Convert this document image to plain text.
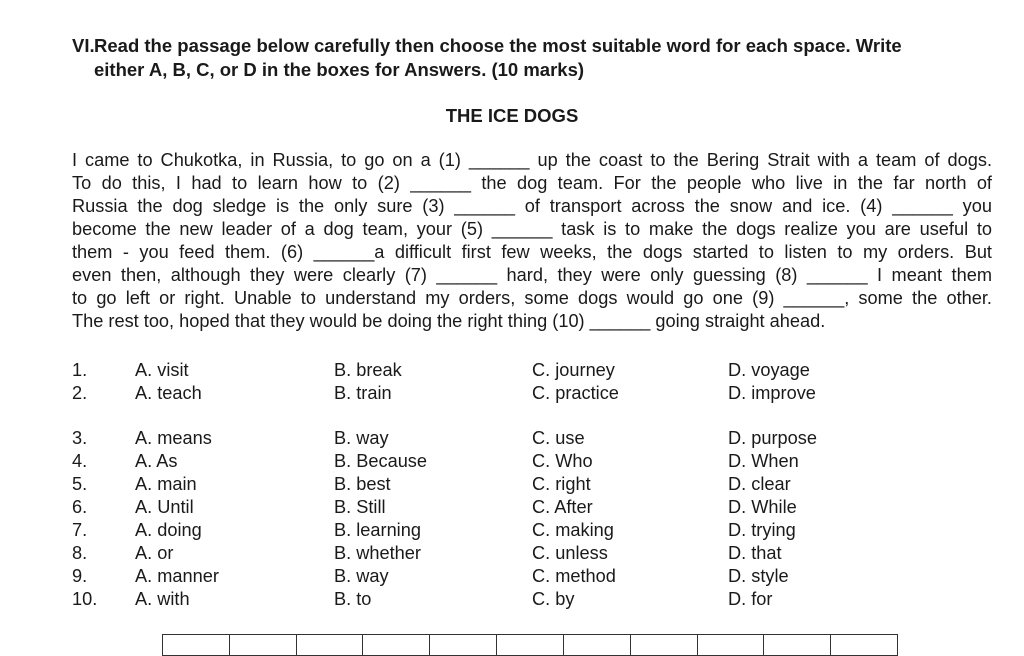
VI.Read the passage below carefully then choose the most suitable word for each space. Write
either A, B, C, or D in the boxes for Answers. (10 marks)
THE ICE DOGS
I came to Chukotka, in Russia, to go on a (1) ______ up the coast to the Bering Strait with a team of dogs.
To do this, I had to learn how to (2) ______ the dog team. For the people who live in the far north of
Russia the dog sledge is the only sure (3) ______ of transport across the snow and ice. (4) ______ you
become the new leader of a dog team, your (5) ______ task is to make the dogs realize you are useful to
them - you feed them. (6) ______a difficult first few weeks, the dogs started to listen to my orders. But
even then, although they were clearly (7) ______ hard, they were only guessing (8) ______ I meant them
to go left or right. Unable to understand my orders, some dogs would go one (9) ______, some the other.
The rest too, hoped that they would be doing the right thing (10) ______ going straight ahead.
1.	A. visit	B. break	C. journey	D. voyage
2.	A. teach	B. train	C. practice	D. improve
3.	A. means	B. way	C. use	D. purpose
4.	A. As	B. Because	C. Who	D. When
5.	A. main	B. best	C. right	D. clear
6.	A. Until	B. Still	C. After	D. While
7.	A. doing	B. learning	C. making	D. trying
8.	A. or	B. whether	C. unless	D. that
9.	A. manner	B. way	C. method	D. style
10. A. with	B. to	C. by	D. for
